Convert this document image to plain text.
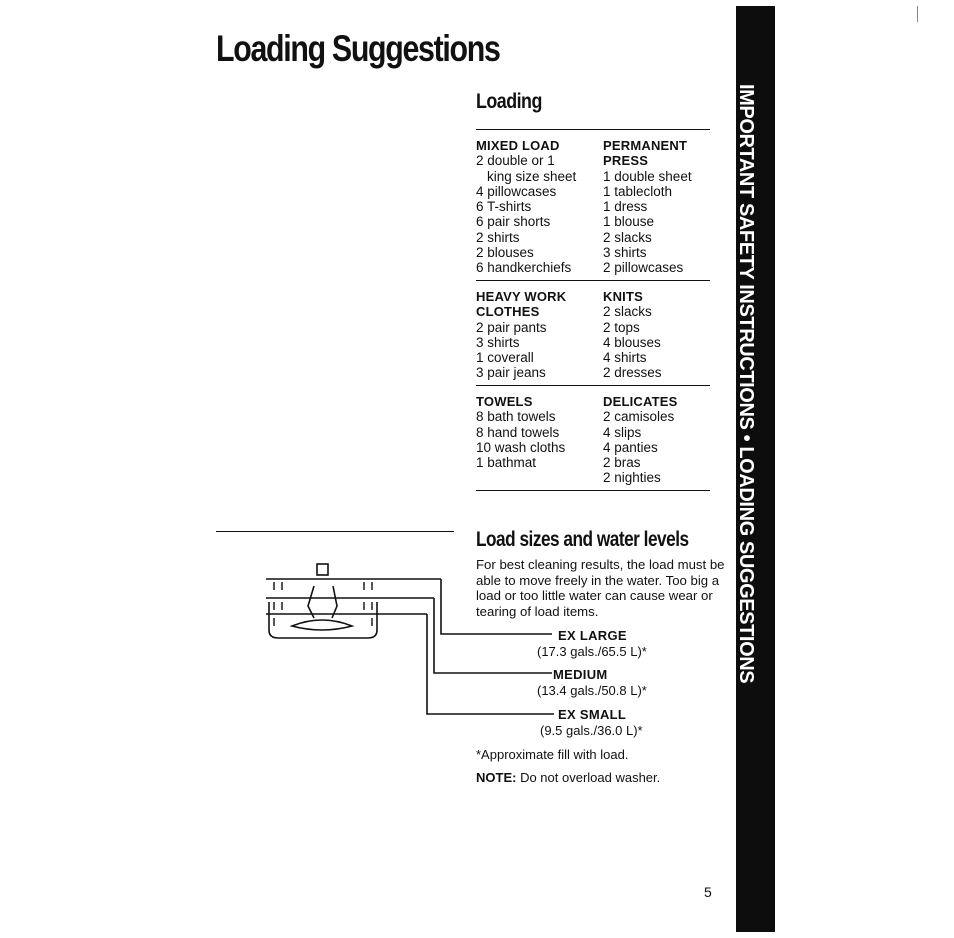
Loading Suggestions
IMPORTANT SAFETY INSTRUCTIONS • LOADING SUGGESTIONS
Loading
MIXED LOAD
2 double or 1
king size sheet
4 pillowcases
6 T-shirts
6 pair shorts
2 shirts
2 blouses
6 handkerchiefs
PERMANENT
PRESS
1 double sheet
1 tablecloth
1 dress
1 blouse
2 slacks
3 shirts
2 pillowcases
HEAVY WORK
CLOTHES
2 pair pants
3 shirts
1 coverall
3 pair jeans
KNITS
2 slacks
2 tops
4 blouses
4 shirts
2 dresses
TOWELS
8 bath towels
8 hand towels
10 wash cloths
1 bathmat
DELICATES
2 camisoles
4 slips
4 panties
2 bras
2 nighties
Load sizes and water levels
For best cleaning results, the load must be able to move freely in the water. Too big a load or too little water can cause wear or tearing of load items.
EX LARGE
(17.3 gals./65.5 L)*
MEDIUM
(13.4 gals./50.8 L)*
EX SMALL
(9.5 gals./36.0 L)*
*Approximate fill with load.
NOTE: Do not overload washer.
5
